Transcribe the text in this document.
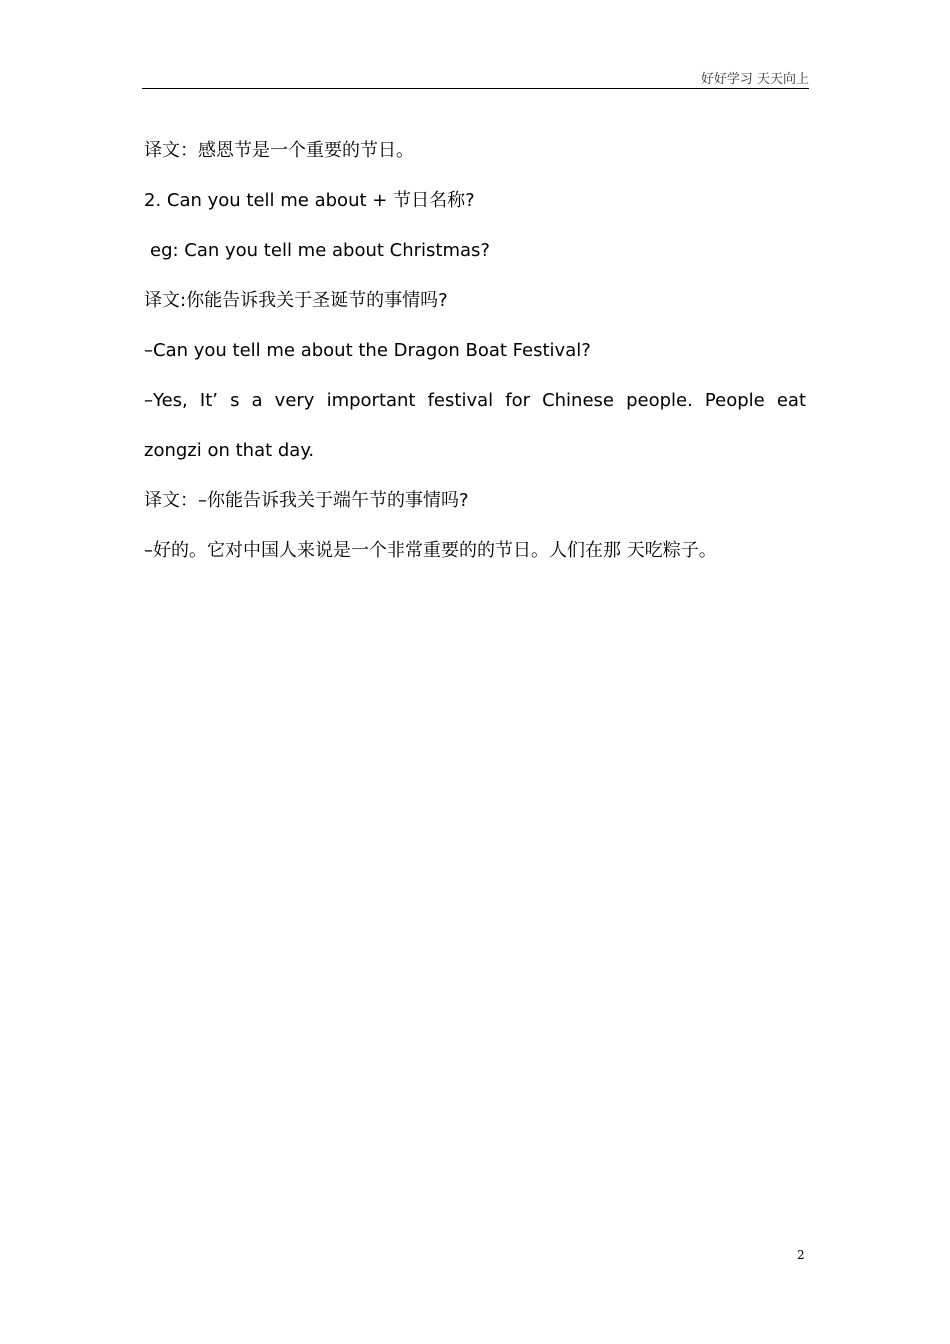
好好学习 天天向上
译文：感恩节是一个重要的节日。
2. Can you tell me about + 节日名称?
eg: Can you tell me about Christmas?
译文:你能告诉我关于圣诞节的事情吗?
–Can you tell me about the Dragon Boat Festival?
–Yes, It’ s a very important festival for Chinese people. People eat
zongzi on that day.
译文：–你能告诉我关于端午节的事情吗?
–好的。它对中国人来说是一个非常重要的的节日。人们在那 天吃粽子。
2
